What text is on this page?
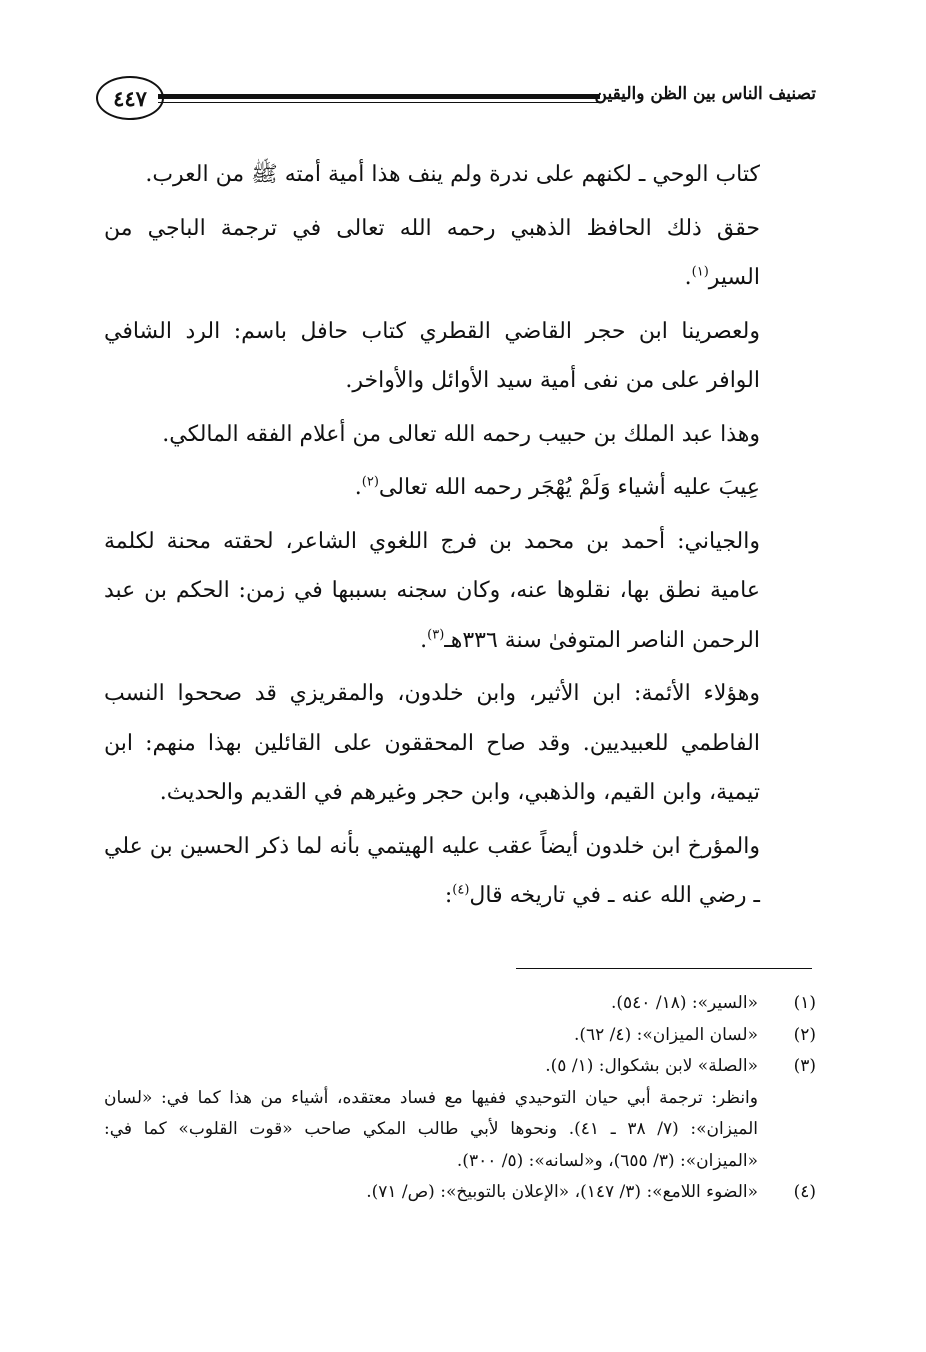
٤٤٧	تصنيف الناس بين الظن واليقين

كتاب الوحي ـ لكنهم على ندرة ولم ينف هذا أمية أمته ﷺ من العرب.

حقق ذلك الحافظ الذهبي رحمه الله تعالى في ترجمة الباجي من السير$^{(١)}$.

ولعصرينا ابن حجر القاضي القطري كتاب حافل باسم: الرد الشافي الوافر على من نفى أمية سيد الأوائل والأواخر.

وهذا عبد الملك بن حبيب رحمه الله تعالى من أعلام الفقه المالكي.

عِيبَ عليه أشياء وَلَمْ يُهْجَر رحمه الله تعالى$^{(٢)}$.

والجياني: أحمد بن محمد بن فرج اللغوي الشاعر، لحقته محنة لكلمة عامية نطق بها، نقلوها عنه، وكان سجنه بسببها في زمن: الحكم بن عبد الرحمن الناصر المتوفىٰ سنة ٣٣٦هـ$^{(٣)}$.

وهؤلاء الأئمة: ابن الأثير، وابن خلدون، والمقريزي قد صححوا النسب الفاطمي للعبيديين. وقد صاح المحققون على القائلين بهذا منهم: ابن تيمية، وابن القيم، والذهبي، وابن حجر وغيرهم في القديم والحديث.

والمؤرخ ابن خلدون أيضاً عقب عليه الهيتمي بأنه لما ذكر الحسين بن علي ـ رضي الله عنه ـ في تاريخه قال$^{(٤)}$:

(١)
«السير»: (١٨/ ٥٤٠).
(٢)
«لسان الميزان»: (٤/ ٦٢).
(٣)
«الصلة» لابن بشكوال: (١/ ٥).
وانظر: ترجمة أبي حيان التوحيدي ففيها مع فساد معتقده، أشياء من هذا كما في: «لسان الميزان»: (٧/ ٣٨ ـ ٤١). ونحوها لأبي طالب المكي صاحب «قوت القلوب» كما في: «الميزان»: (٣/ ٦٥٥)، و«لسانه»: (٥/ ٣٠٠).
(٤)
«الضوء اللامع»: (٣/ ١٤٧)، «الإعلان بالتوبيخ»: (ص/ ٧١).
